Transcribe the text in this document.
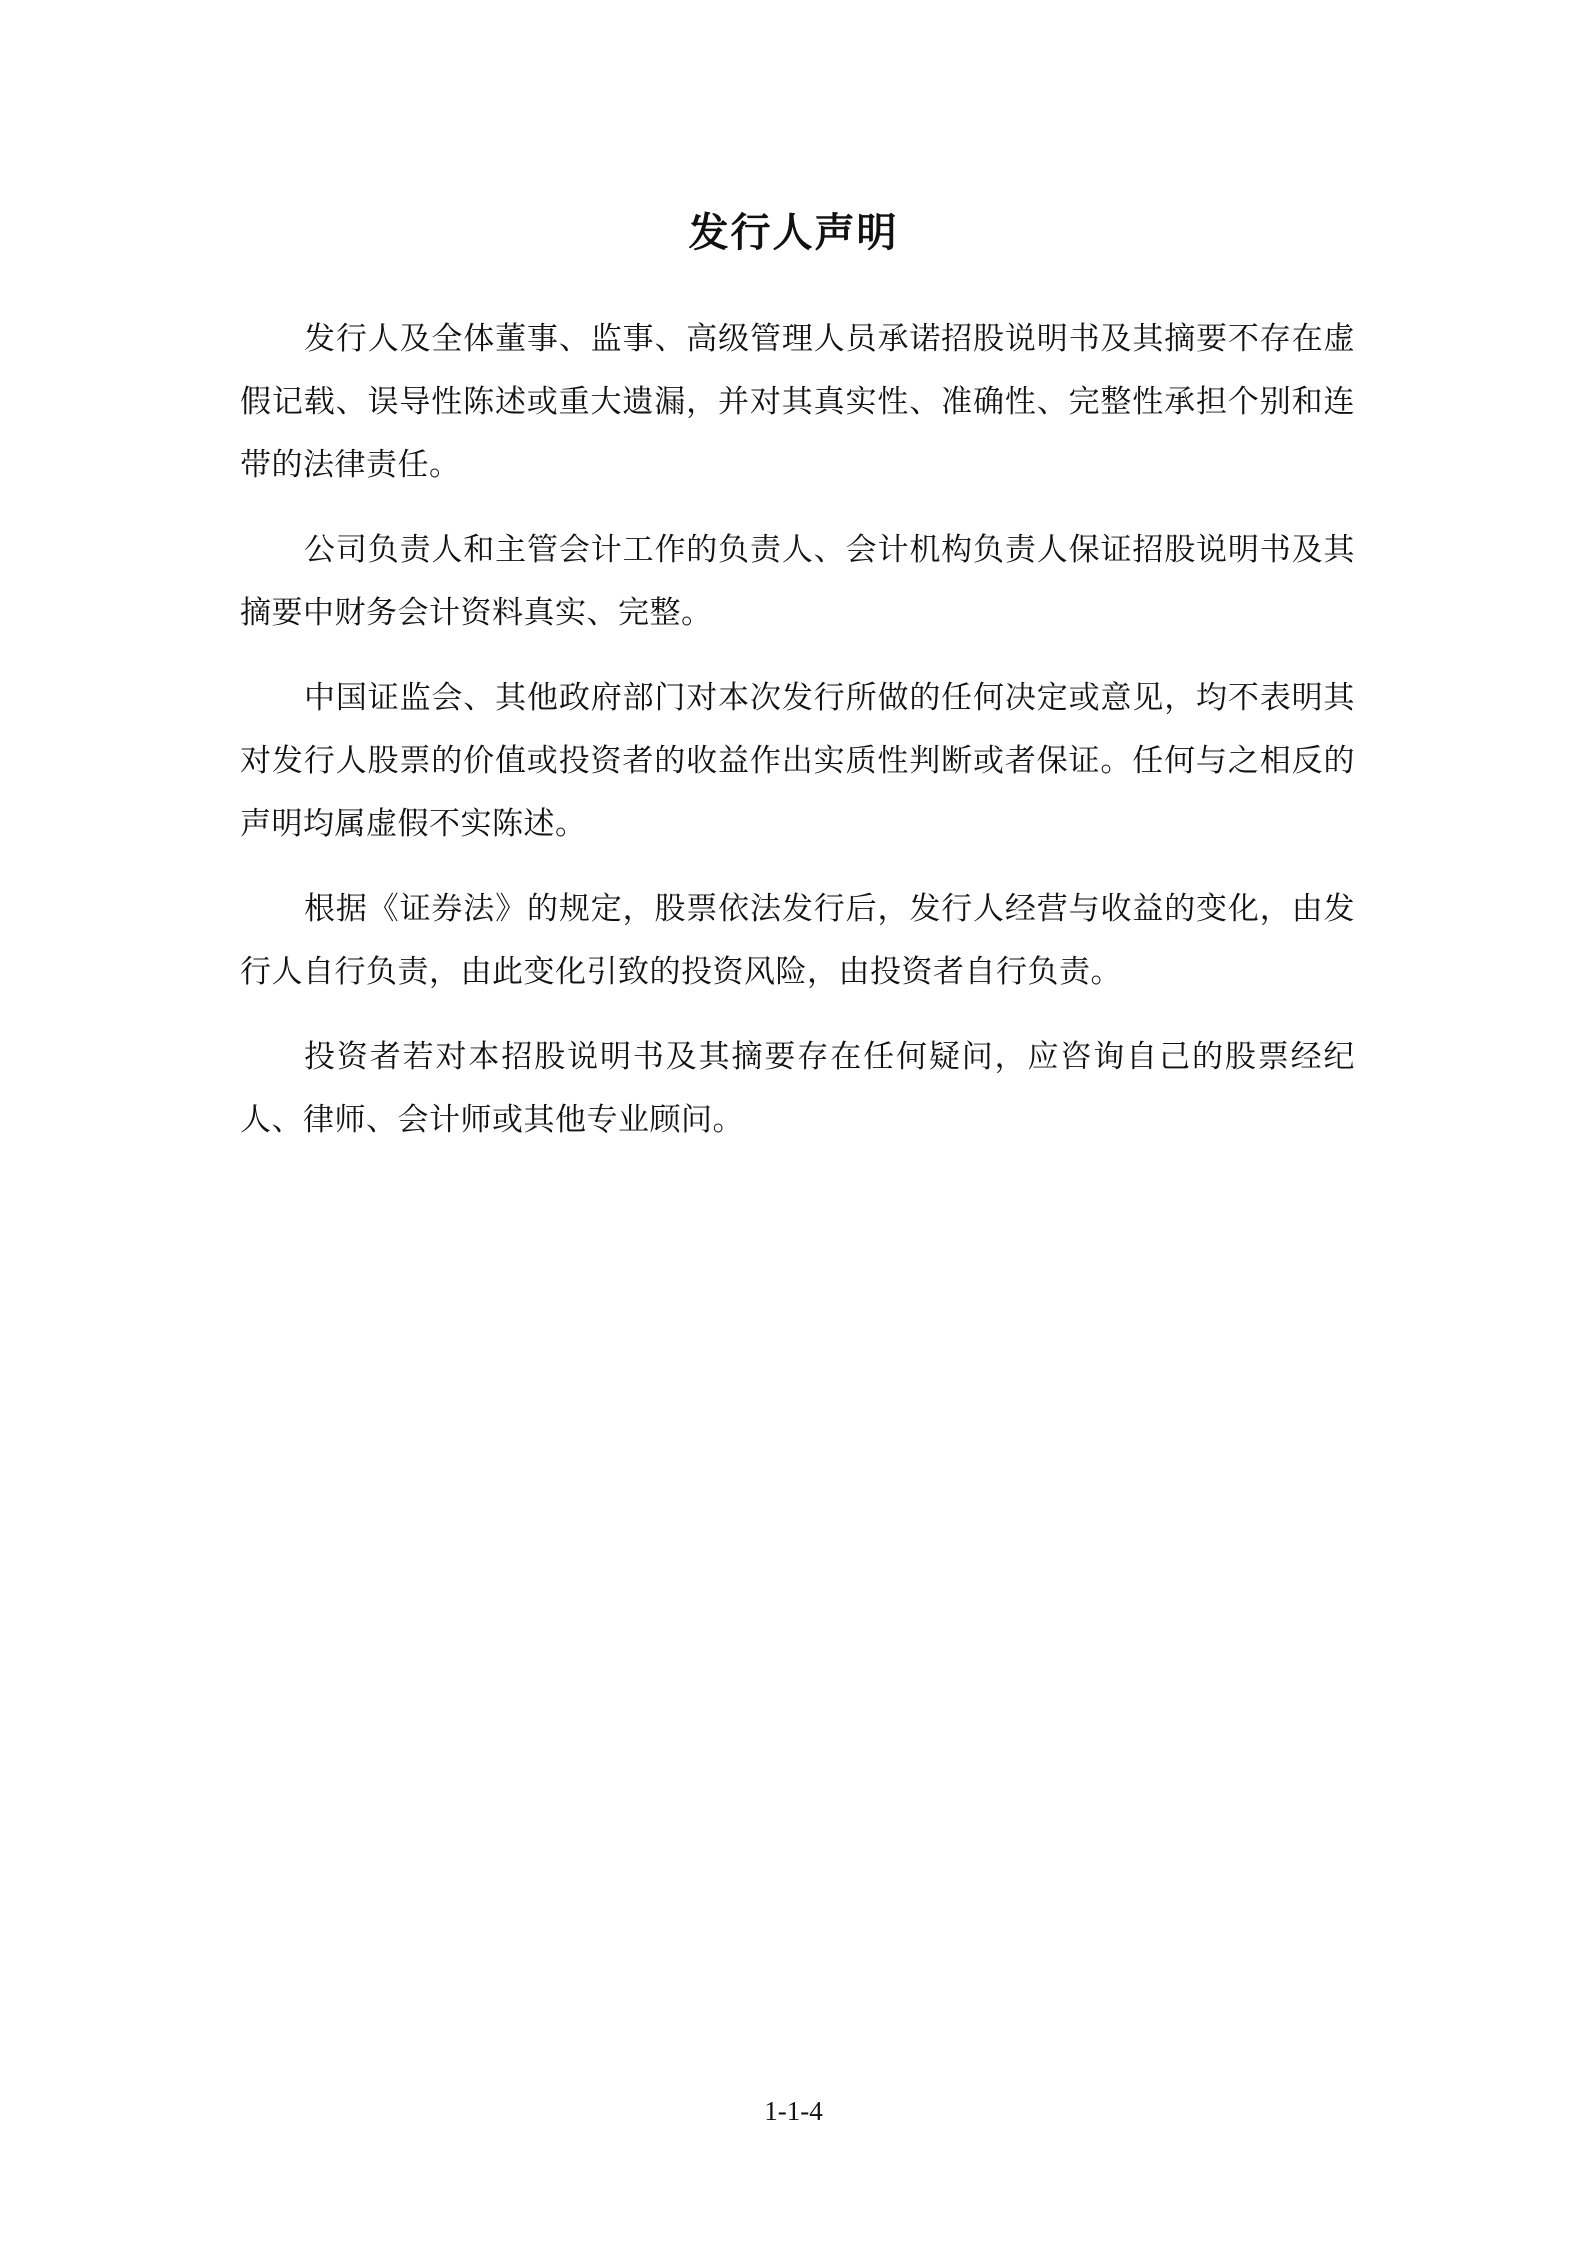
发行人声明

发行人及全体董事、监事、高级管理人员承诺招股说明书及其摘要不存在虚假记载、误导性陈述或重大遗漏，并对其真实性、准确性、完整性承担个别和连带的法律责任。

公司负责人和主管会计工作的负责人、会计机构负责人保证招股说明书及其摘要中财务会计资料真实、完整。

中国证监会、其他政府部门对本次发行所做的任何决定或意见，均不表明其对发行人股票的价值或投资者的收益作出实质性判断或者保证。任何与之相反的声明均属虚假不实陈述。

根据《证券法》的规定，股票依法发行后，发行人经营与收益的变化，由发行人自行负责，由此变化引致的投资风险，由投资者自行负责。

投资者若对本招股说明书及其摘要存在任何疑问，应咨询自己的股票经纪人、律师、会计师或其他专业顾问。

1-1-4
